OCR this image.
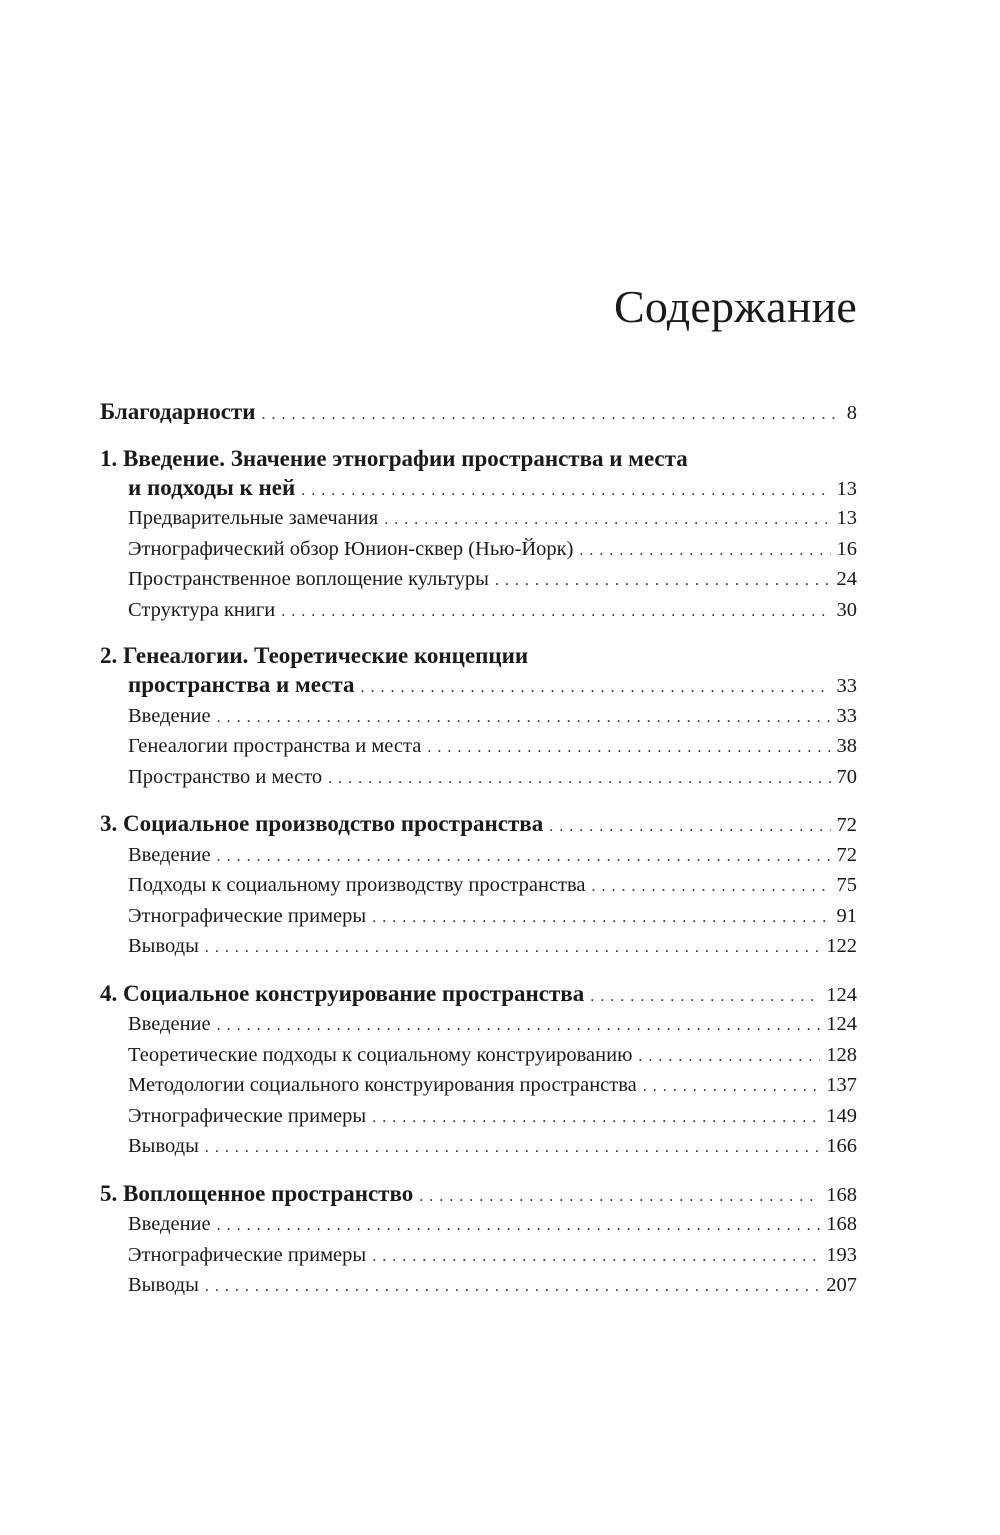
Содержание
Благодарности . . .	8
1. Введение. Значение этнографии пространства и места
и подходы к ней . . .	13
Предварительные замечания . . .	13
Этнографический обзор Юнион-сквер (Нью-Йорк) . . .	16
Пространственное воплощение культуры . . .	24
Структура книги . . .	30
2. Генеалогии. Теоретические концепции
пространства и места . . .	33
Введение . . .	33
Генеалогии пространства и места . . .	38
Пространство и место . . .	70
3. Социальное производство пространства . . .	72
Введение . . .	72
Подходы к социальному производству пространства . . .	75
Этнографические примеры . . .	91
Выводы . . .	122
4. Социальное конструирование пространства . . .	124
Введение . . .	124
Теоретические подходы к социальному конструированию . . .	128
Методологии социального конструирования пространства . . .	137
Этнографические примеры . . .	149
Выводы . . .	166
5. Воплощенное пространство . . .	168
Введение . . .	168
Этнографические примеры . . .	193
Выводы . . .	207
